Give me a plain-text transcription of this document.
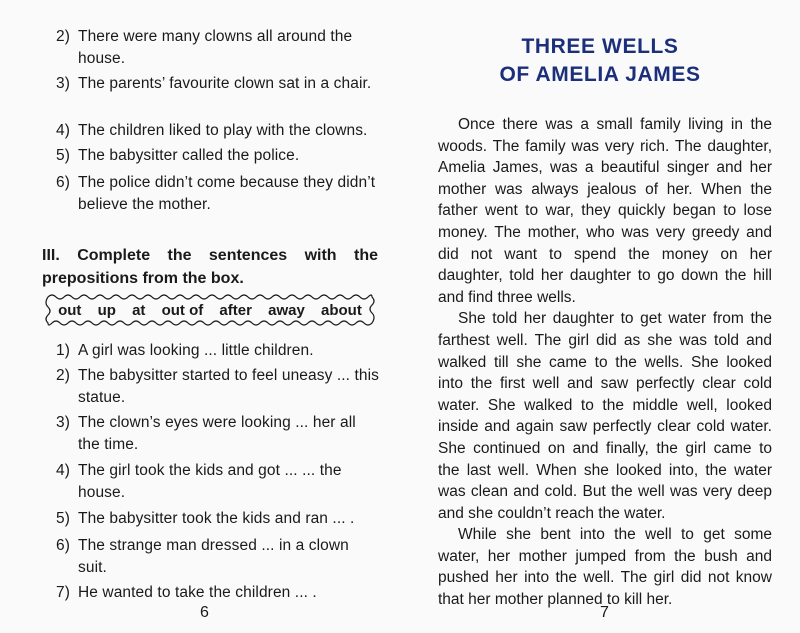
2) There were many clowns all around the house.
3) The parents’ favourite clown sat in a chair.
4) The children liked to play with the clowns.
5) The babysitter called the police.
6) The police didn’t come because they didn’t believe the mother.
III. Complete the sentences with the prepositions from the box.
out up at out of after away about
1) A girl was looking ... little children.
2) The babysitter started to feel uneasy ... this statue.
3) The clown’s eyes were looking ... her all the time.
4) The girl took the kids and got ... ... the house.
5) The babysitter took the kids and ran ... .
6) The strange man dressed ... in a clown suit.
7) He wanted to take the children ... .
6
THREE WELLS
OF AMELIA JAMES

Once there was a small family living in the woods. The family was very rich. The daughter, Amelia James, was a beautiful singer and her mother was always jealous of her. When the father went to war, they quickly began to lose money. The mother, who was very greedy and did not want to spend the money on her daughter, told her daughter to go down the hill and find three wells.

She told her daughter to get water from the farthest well. The girl did as she was told and walked till she came to the wells. She looked into the first well and saw perfectly clear cold water. She walked to the middle well, looked inside and again saw perfectly clear cold water. She continued on and finally, the girl came to the last well. When she looked into, the water was clean and cold. But the well was very deep and she couldn’t reach the water.

While she bent into the well to get some water, her mother jumped from the bush and pushed her into the well. The girl did not know that her mother planned to kill her.

7
